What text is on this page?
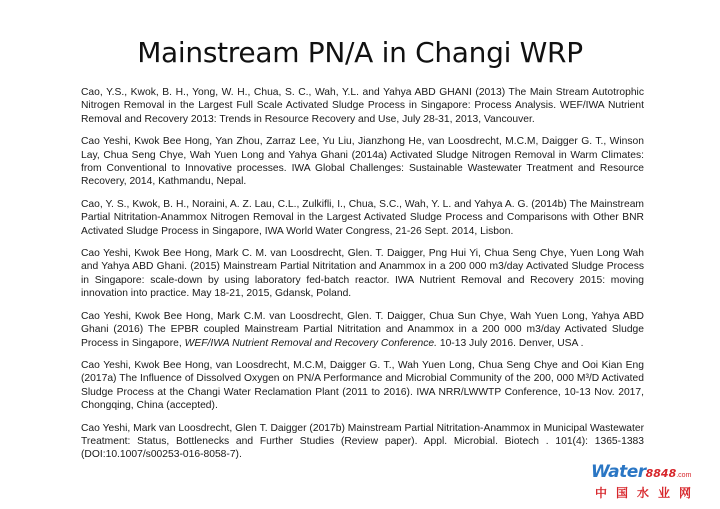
Mainstream PN/A in Changi WRP

Cao, Y.S., Kwok, B. H., Yong, W. H., Chua, S. C., Wah, Y.L. and Yahya ABD GHANI (2013) The Main Stream Autotrophic Nitrogen Removal in the Largest Full Scale Activated Sludge Process in Singapore: Process Analysis. WEF/IWA Nutrient Removal and Recovery 2013: Trends in Resource Recovery and Use, July 28-31, 2013, Vancouver.

Cao Yeshi, Kwok Bee Hong, Yan Zhou, Zarraz Lee, Yu Liu, Jianzhong He, van Loosdrecht, M.C.M, Daigger G. T., Winson Lay, Chua Seng Chye, Wah Yuen Long and Yahya Ghani (2014a) Activated Sludge Nitrogen Removal in Warm Climates: from Conventional to Innovative processes. IWA Global Challenges: Sustainable Wastewater Treatment and Resource Recovery, 2014, Kathmandu, Nepal.

Cao, Y. S., Kwok, B. H., Noraini, A. Z. Lau, C.L., Zulkifli, I., Chua, S.C., Wah, Y. L. and Yahya A. G. (2014b) The Mainstream Partial Nitritation-Anammox Nitrogen Removal in the Largest Activated Sludge Process and Comparisons with Other BNR Activated Sludge Process in Singapore, IWA World Water Congress, 21-26 Sept. 2014, Lisbon.

Cao Yeshi, Kwok Bee Hong, Mark C. M. van Loosdrecht, Glen. T. Daigger, Png Hui Yi, Chua Seng Chye, Yuen Long Wah and Yahya ABD Ghani. (2015) Mainstream Partial Nitritation and Anammox in a 200 000 m3/day Activated Sludge Process in Singapore: scale-down by using laboratory fed-batch reactor. IWA Nutrient Removal and Recovery 2015: moving innovation into practice. May 18-21, 2015, Gdansk, Poland.

Cao Yeshi, Kwok Bee Hong, Mark C.M. van Loosdrecht, Glen. T. Daigger, Chua Sun Chye, Wah Yuen Long, Yahya ABD Ghani (2016) The EPBR coupled Mainstream Partial Nitritation and Anammox in a 200 000 m3/day Activated Sludge Process in Singapore, WEF/IWA Nutrient Removal and Recovery Conference. 10-13 July 2016. Denver, USA .

Cao Yeshi, Kwok Bee Hong, van Loosdrecht, M.C.M, Daigger G. T., Wah Yuen Long, Chua Seng Chye and Ooi Kian Eng (2017a) The Influence of Dissolved Oxygen on PN/A Performance and Microbial Community of the 200, 000 M³/D Activated Sludge Process at the Changi Water Reclamation Plant (2011 to 2016). IWA NRR/LWWTP Conference, 10-13 Nov. 2017, Chongqing, China (accepted).

Cao Yeshi, Mark van Loosdrecht, Glen T. Daigger (2017b) Mainstream Partial Nitritation-Anammox in Municipal Wastewater Treatment: Status, Bottlenecks and Further Studies (Review paper). Appl. Microbial. Biotech . 101(4): 1365-1383 (DOI:10.1007/s00253-016-8058-7).

Water8848.com
中国水业网
